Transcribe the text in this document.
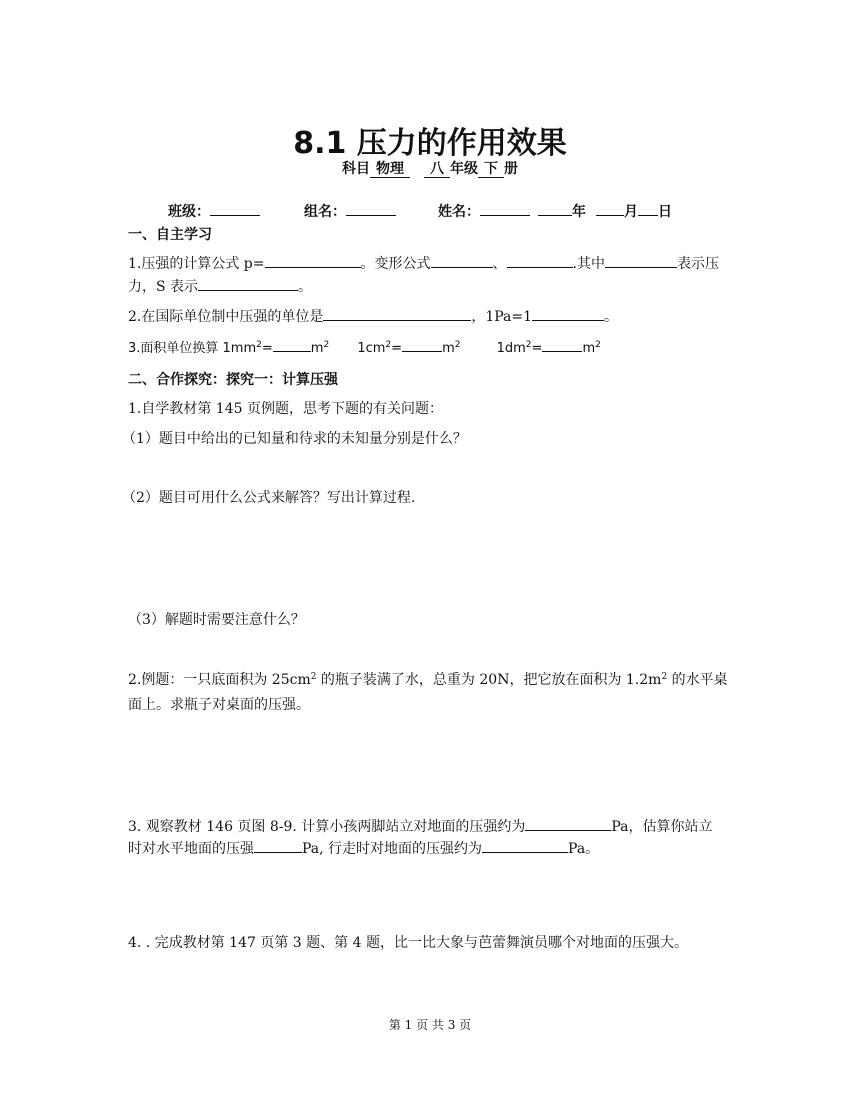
8.1 压力的作用效果
科目 物理 八 年级 下 册
班级：	组名：	姓名：	年	月 日
一、自主学习
1.压强的计算公式 p=	。变形公式	、	.其中	表示压
力，S 表示	。
2.在国际单位制中压强的单位是	，1Pa=1	。
3.面积单位换算 $1mm^2=$	$m^2$ $1cm^2=$	$m^2$	$1dm^2=$	$m^2$
二、合作探究：探究一：计算压强
1.自学教材第 145 页例题，思考下题的有关问题：
（1）题目中给出的已知量和待求的未知量分别是什么？
（2）题目可用什么公式来解答？写出计算过程.
（3）解题时需要注意什么？
2.例题：一只底面积为 $25cm^2$ 的瓶子装满了水，总重为 20N，把它放在面积为 $1.2m^2$ 的水平桌
面上。求瓶子对桌面的压强。
3. 观察教材 146 页图 8-9. 计算小孩两脚站立对地面的压强约为	Pa，估算你站立
时对水平地面的压强	Pa, 行走时对地面的压强约为	Pa。
4. . 完成教材第 147 页第 3 题、第 4 题，比一比大象与芭蕾舞演员哪个对地面的压强大。
第 1 页 共 3 页
